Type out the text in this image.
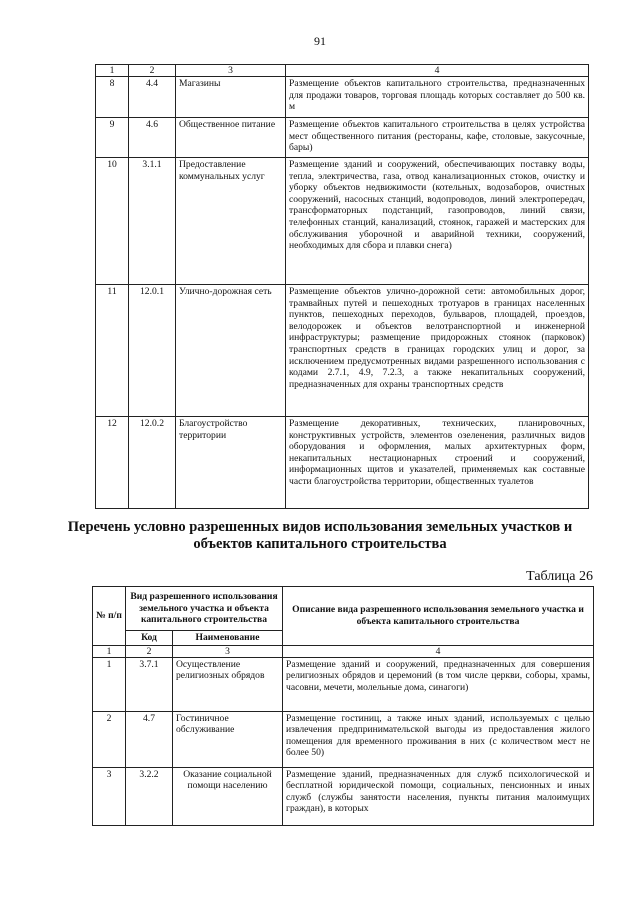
91
1	2	3	4
8	4.4	Магазины	Размещение объектов капитального строительства, предназначенных для продажи товаров, торговая площадь которых составляет до 500 кв. м
9	4.6	Общественное питание	Размещение объектов капитального строительства в целях устройства мест общественного питания (рестораны, кафе, столовые, закусочные, бары)
10	3.1.1	Предоставление коммунальных услуг	Размещение зданий и сооружений, обеспечивающих поставку воды, тепла, электричества, газа, отвод канализационных стоков, очистку и уборку объектов недвижимости (котельных, водозаборов, очистных сооружений, насосных станций, водопроводов, линий электропередач, трансформаторных подстанций, газопроводов, линий связи, телефонных станций, канализаций, стоянок, гаражей и мастерских для обслуживания уборочной и аварийной техники, сооружений, необходимых для сбора и плавки снега)
11	12.0.1	Улично-дорожная сеть	Размещение объектов улично-дорожной сети: автомобильных дорог, трамвайных путей и пешеходных тротуаров в границах населенных пунктов, пешеходных переходов, бульваров, площадей, проездов, велодорожек и объектов велотранспортной и инженерной инфраструктуры; размещение придорожных стоянок (парковок) транспортных средств в границах городских улиц и дорог, за исключением предусмотренных видами разрешенного использования с кодами 2.7.1, 4.9, 7.2.3, а также некапитальных сооружений, предназначенных для охраны транспортных средств
12	12.0.2	Благоустройство территории	Размещение декоративных, технических, планировочных, конструктивных устройств, элементов озеленения, различных видов оборудования и оформления, малых архитектурных форм, некапитальных нестационарных строений и сооружений, информационных щитов и указателей, применяемых как составные части благоустройства территории, общественных туалетов
Перечень условно разрешенных видов использования земельных участков и объектов капитального строительства
Таблица 26
№ п/п	Вид разрешенного использования земельного участка и объекта капитального строительства		Описание вида разрешенного использования земельного участка и объекта капитального строительства
	Код	Наименование	
1	2	3	4
1	3.7.1	Осуществление религиозных обрядов	Размещение зданий и сооружений, предназначенных для совершения религиозных обрядов и церемоний (в том числе церкви, соборы, храмы, часовни, мечети, молельные дома, синагоги)
2	4.7	Гостиничное обслуживание	Размещение гостиниц, а также иных зданий, используемых с целью извлечения предпринимательской выгоды из предоставления жилого помещения для временного проживания в них (с количеством мест не более 50)
3	3.2.2	Оказание социальной помощи населению	Размещение зданий, предназначенных для служб психологической и бесплатной юридической помощи, социальных, пенсионных и иных служб (службы занятости населения, пункты питания малоимущих граждан), в которых
